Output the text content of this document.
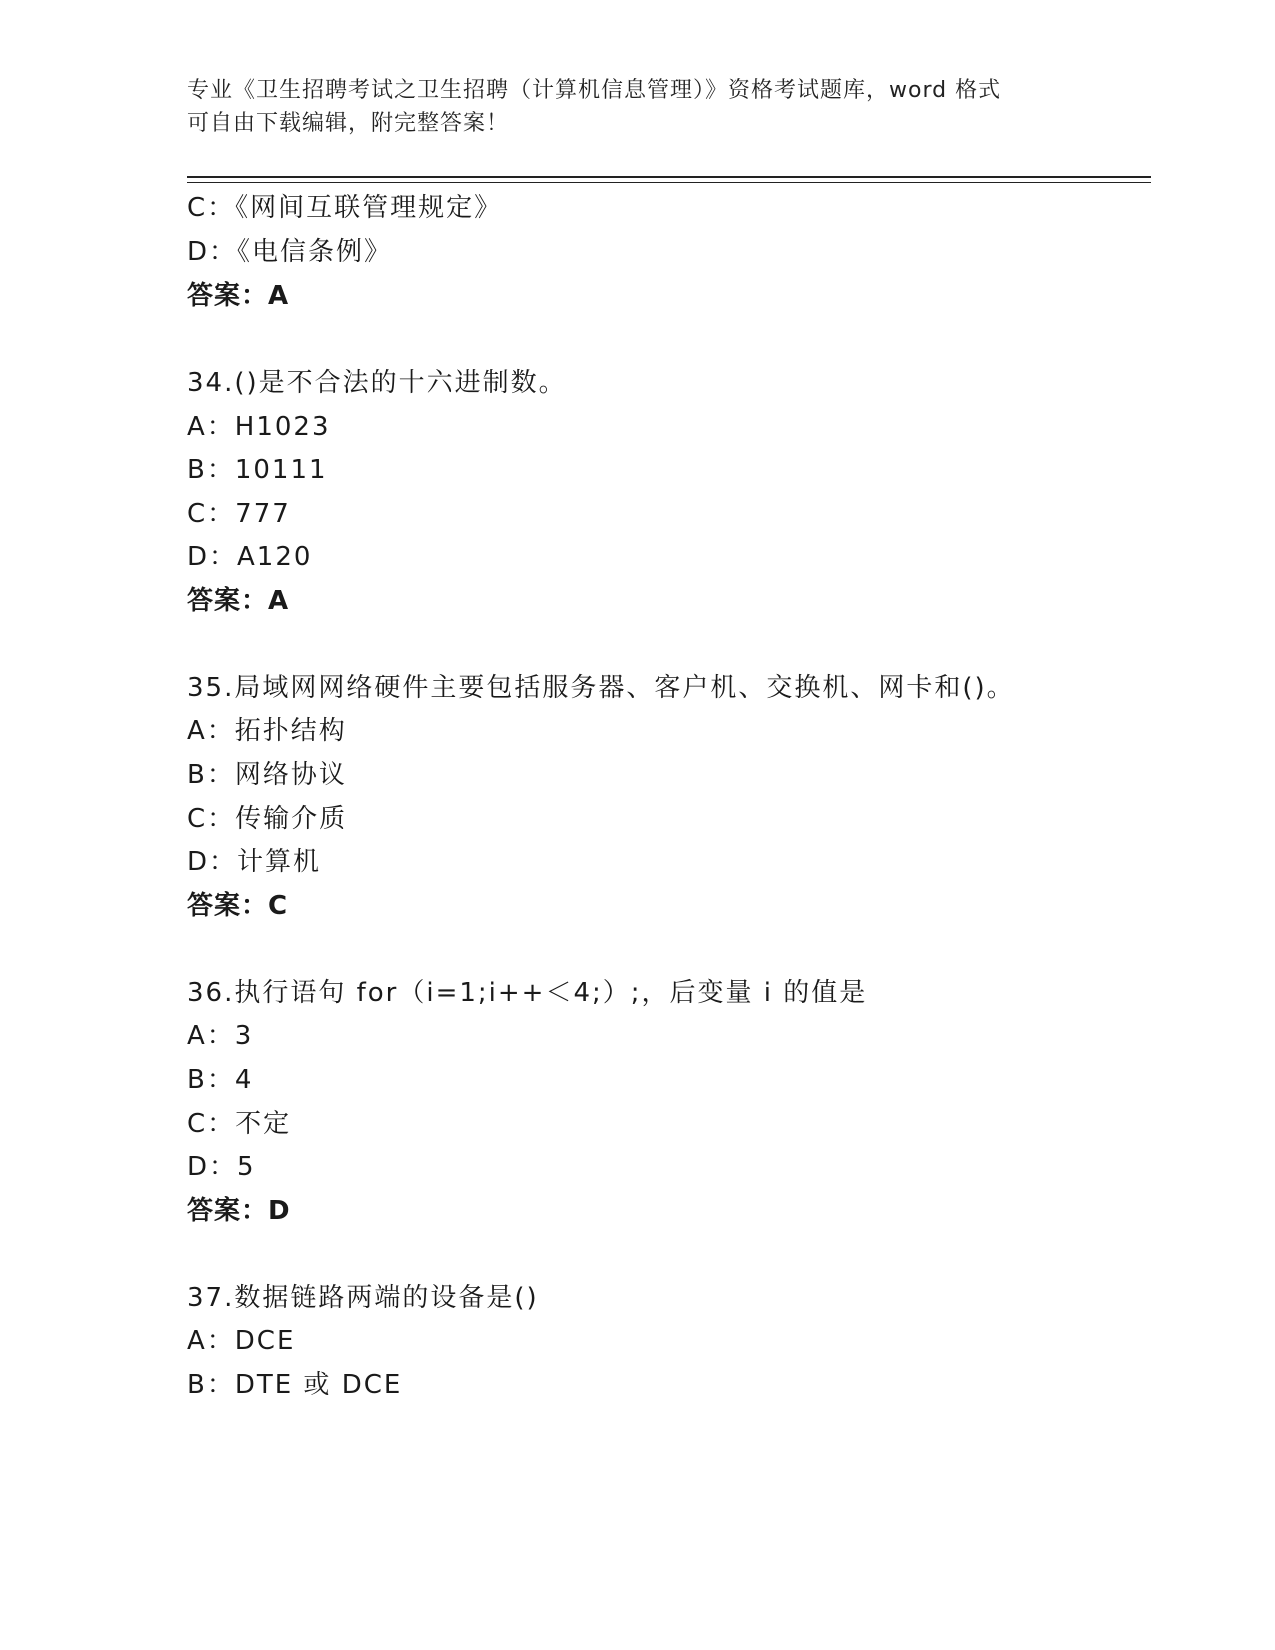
专业《卫生招聘考试之卫生招聘（计算机信息管理）》资格考试题库，word 格式
可自由下载编辑，附完整答案！
C：《网间互联管理规定》
D：《电信条例》
答案：A
34.()是不合法的十六进制数。
A：H1023
B：10111
C：777
D：A120
答案：A
35.局域网网络硬件主要包括服务器、客户机、交换机、网卡和()。
A：拓扑结构
B：网络协议
C：传输介质
D：计算机
答案：C
36.执行语句 for（i=1;i++＜4;）;，后变量 i 的值是
A：3
B：4
C：不定
D：5
答案：D
37.数据链路两端的设备是()
A：DCE
B：DTE 或 DCE
